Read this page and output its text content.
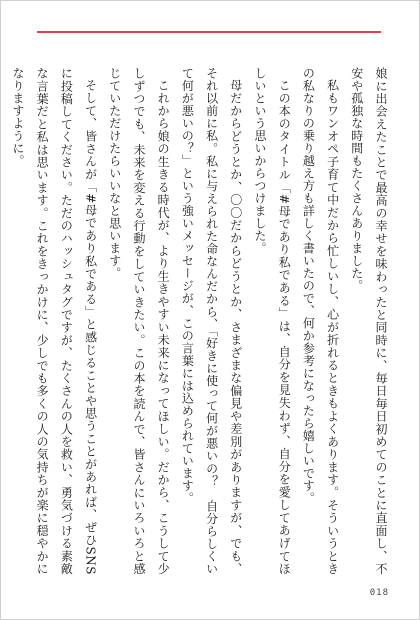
娘に出会えたことで最高の幸せを味わったと同時に、毎日毎日初めてのことに直面し、不安や孤独な時間もたくさんありました。

私もワンオペ子育て中だから忙しいし、心が折れるときもよくあります。そういうときの私なりの乗り越え方も詳しく書いたので、何か参考になったら嬉しいです。

この本のタイトル「#母であり私である」は、自分を見失わず、自分を愛してあげてほしいという思いからつけました。

母だからどうとか、〇〇だからどうとか、さまざまな偏見や差別がありますが、でも、それ以前に私。私に与えられた命なんだから、「好きに使って何が悪いの？　自分らしくいて何が悪いの？」という強いメッセージが、この言葉には込められています。

これから娘の生きる時代が、より生きやすい未来になってほしい。だから、こうして少しずつでも、未来を変える行動をしていきたい。この本を読んで、皆さんにいろいろと感じていただけたらいいなと思います。

そして、皆さんが「#母であり私である」と感じることや思うことがあれば、ぜひSNSに投稿してください。ただのハッシュタグですが、たくさんの人を救い、勇気づける素敵な言葉だと私は思います。これをきっかけに、少しでも多くの人の気持ちが楽に穏やかになりますように。

018
